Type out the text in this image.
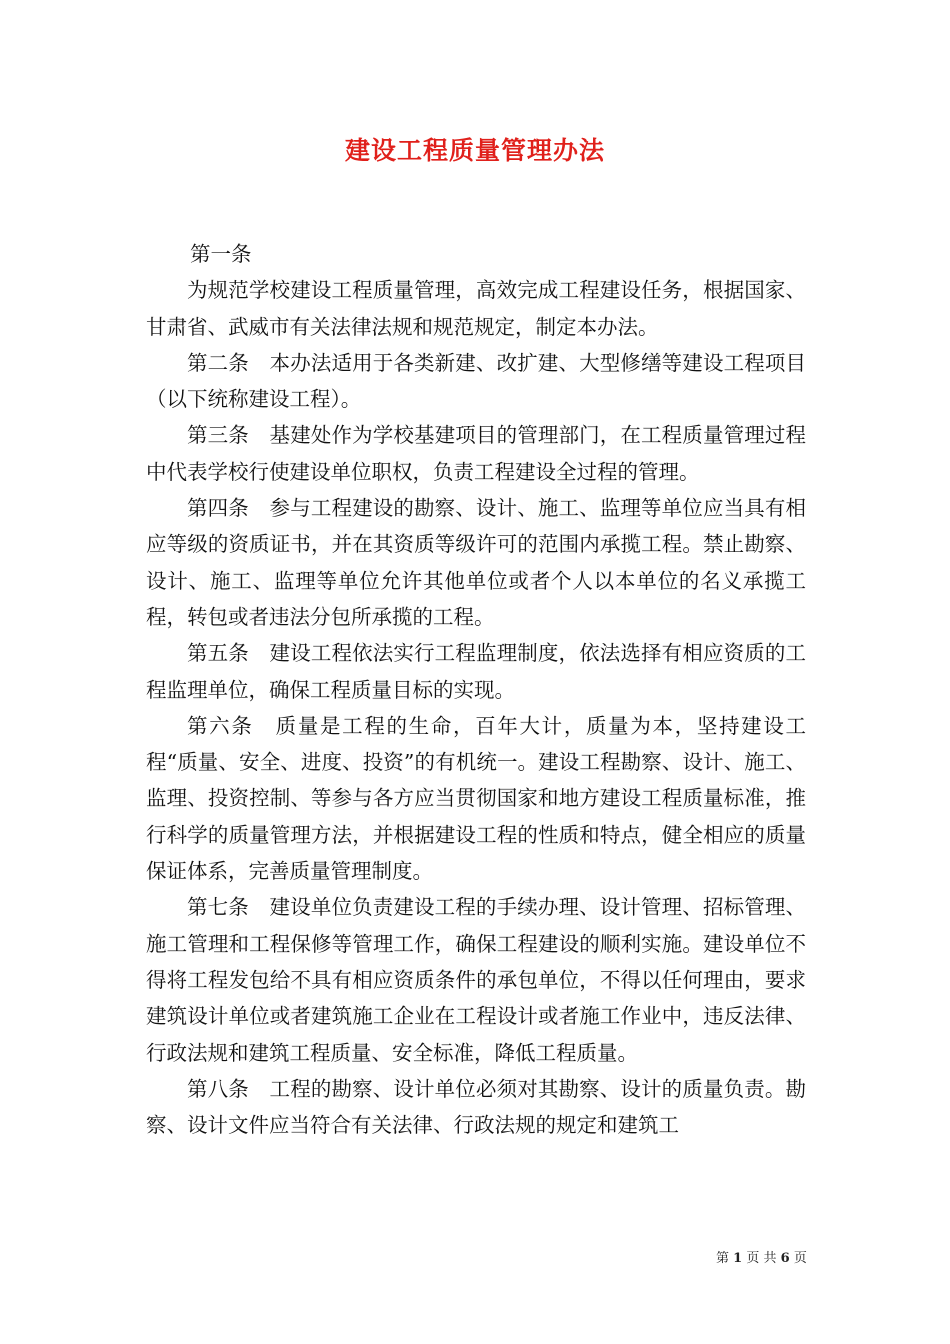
建设工程质量管理办法

第一条

为规范学校建设工程质量管理，高效完成工程建设任务，根据国家、甘肃省、武威市有关法律法规和规范规定，制定本办法。

第二条　本办法适用于各类新建、改扩建、大型修缮等建设工程项目（以下统称建设工程）。

第三条　基建处作为学校基建项目的管理部门，在工程质量管理过程中代表学校行使建设单位职权，负责工程建设全过程的管理。

第四条　参与工程建设的勘察、设计、施工、监理等单位应当具有相应等级的资质证书，并在其资质等级许可的范围内承揽工程。禁止勘察、设计、施工、监理等单位允许其他单位或者个人以本单位的名义承揽工程，转包或者违法分包所承揽的工程。

第五条　建设工程依法实行工程监理制度，依法选择有相应资质的工程监理单位，确保工程质量目标的实现。

第六条　质量是工程的生命，百年大计，质量为本，坚持建设工程“质量、安全、进度、投资”的有机统一。建设工程勘察、设计、施工、监理、投资控制、等参与各方应当贯彻国家和地方建设工程质量标准，推行科学的质量管理方法，并根据建设工程的性质和特点，健全相应的质量保证体系，完善质量管理制度。

第七条　建设单位负责建设工程的手续办理、设计管理、招标管理、施工管理和工程保修等管理工作，确保工程建设的顺利实施。建设单位不得将工程发包给不具有相应资质条件的承包单位，不得以任何理由，要求建筑设计单位或者建筑施工企业在工程设计或者施工作业中，违反法律、行政法规和建筑工程质量、安全标准，降低工程质量。

第八条　工程的勘察、设计单位必须对其勘察、设计的质量负责。勘察、设计文件应当符合有关法律、行政法规的规定和建筑工

第 1 页 共 6 页
